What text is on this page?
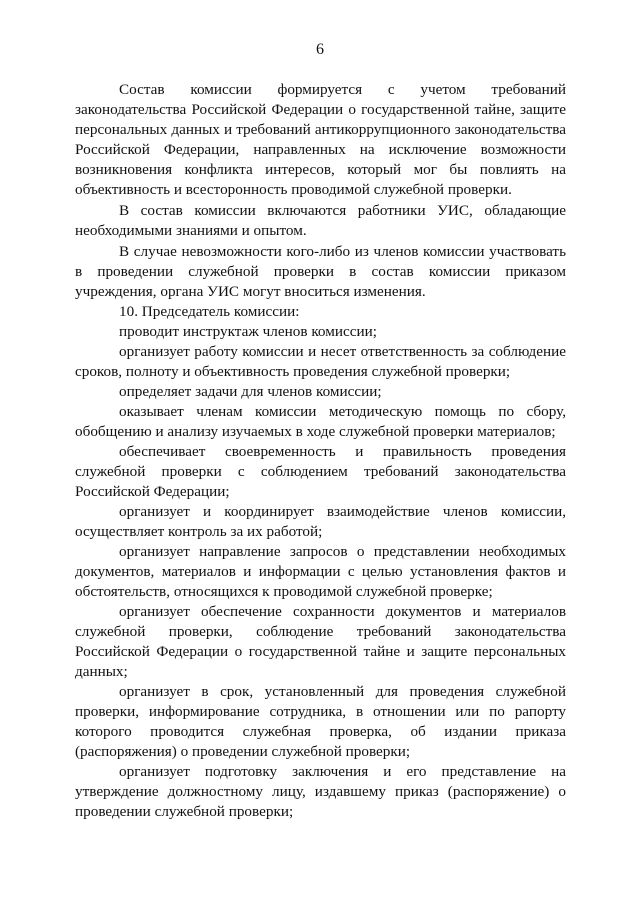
6

Состав комиссии формируется с учетом требований законодательства Российской Федерации о государственной тайне, защите персональных данных и требований антикоррупционного законодательства Российской Федерации, направленных на исключение возможности возникновения конфликта интересов, который мог бы повлиять на объективность и всесторонность проводимой служебной проверки.

В состав комиссии включаются работники УИС, обладающие необходимыми знаниями и опытом.

В случае невозможности кого-либо из членов комиссии участвовать в проведении служебной проверки в состав комиссии приказом учреждения, органа УИС могут вноситься изменения.

10. Председатель комиссии:

проводит инструктаж членов комиссии;

организует работу комиссии и несет ответственность за соблюдение сроков, полноту и объективность проведения служебной проверки;

определяет задачи для членов комиссии;

оказывает членам комиссии методическую помощь по сбору, обобщению и анализу изучаемых в ходе служебной проверки материалов;

обеспечивает своевременность и правильность проведения служебной проверки с соблюдением требований законодательства Российской Федерации;

организует и координирует взаимодействие членов комиссии, осуществляет контроль за их работой;

организует направление запросов о представлении необходимых документов, материалов и информации с целью установления фактов и обстоятельств, относящихся к проводимой служебной проверке;

организует обеспечение сохранности документов и материалов служебной проверки, соблюдение требований законодательства Российской Федерации о государственной тайне и защите персональных данных;

организует в срок, установленный для проведения служебной проверки, информирование сотрудника, в отношении или по рапорту которого проводится служебная проверка, об издании приказа (распоряжения) о проведении служебной проверки;

организует подготовку заключения и его представление на утверждение должностному лицу, издавшему приказ (распоряжение) о проведении служебной проверки;
